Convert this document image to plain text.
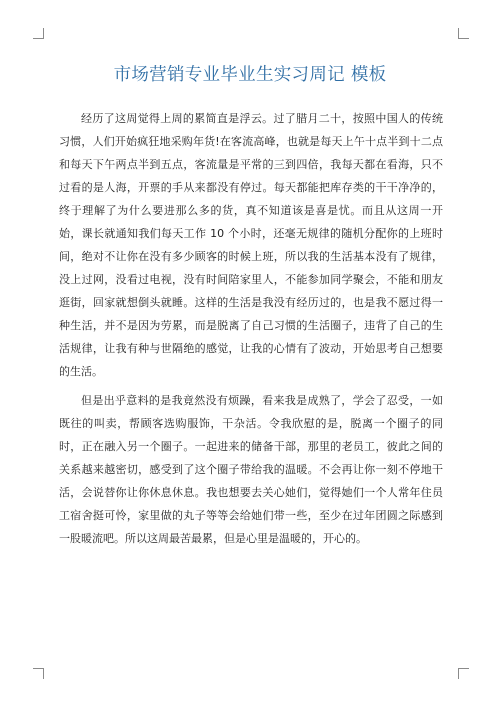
市场营销专业毕业生实习周记 模板

经历了这周觉得上周的累简直是浮云。过了腊月二十，按照中国人的传统习惯，人们开始疯狂地采购年货!在客流高峰，也就是每天上午十点半到十二点和每天下午两点半到五点，客流量是平常的三到四倍，我每天都在看海，只不过看的是人海，开票的手从来都没有停过。每天都能把库存类的干干净净的，终于理解了为什么要进那么多的货，真不知道该是喜是忧。而且从这周一开始，课长就通知我们每天工作 10 个小时，还毫无规律的随机分配你的上班时间，绝对不让你在没有多少顾客的时候上班，所以我的生活基本没有了规律，没上过网，没看过电视，没有时间陪家里人，不能参加同学聚会，不能和朋友逛街，回家就想倒头就睡。这样的生活是我没有经历过的，也是我不愿过得一种生活，并不是因为劳累，而是脱离了自己习惯的生活圈子，违背了自己的生活规律，让我有种与世隔绝的感觉，让我的心情有了波动，开始思考自己想要的生活。

但是出乎意料的是我竟然没有烦躁，看来我是成熟了，学会了忍受，一如既往的叫卖，帮顾客选购服饰，干杂活。令我欣慰的是，脱离一个圈子的同时，正在融入另一个圈子。一起进来的储备干部，那里的老员工，彼此之间的关系越来越密切，感受到了这个圈子带给我的温暖。不会再让你一刻不停地干活，会说替你让你休息休息。我也想要去关心她们，觉得她们一个人常年住员工宿舍挺可怜，家里做的丸子等等会给她们带一些，至少在过年团圆之际感到一股暖流吧。所以这周最苦最累，但是心里是温暖的，开心的。
